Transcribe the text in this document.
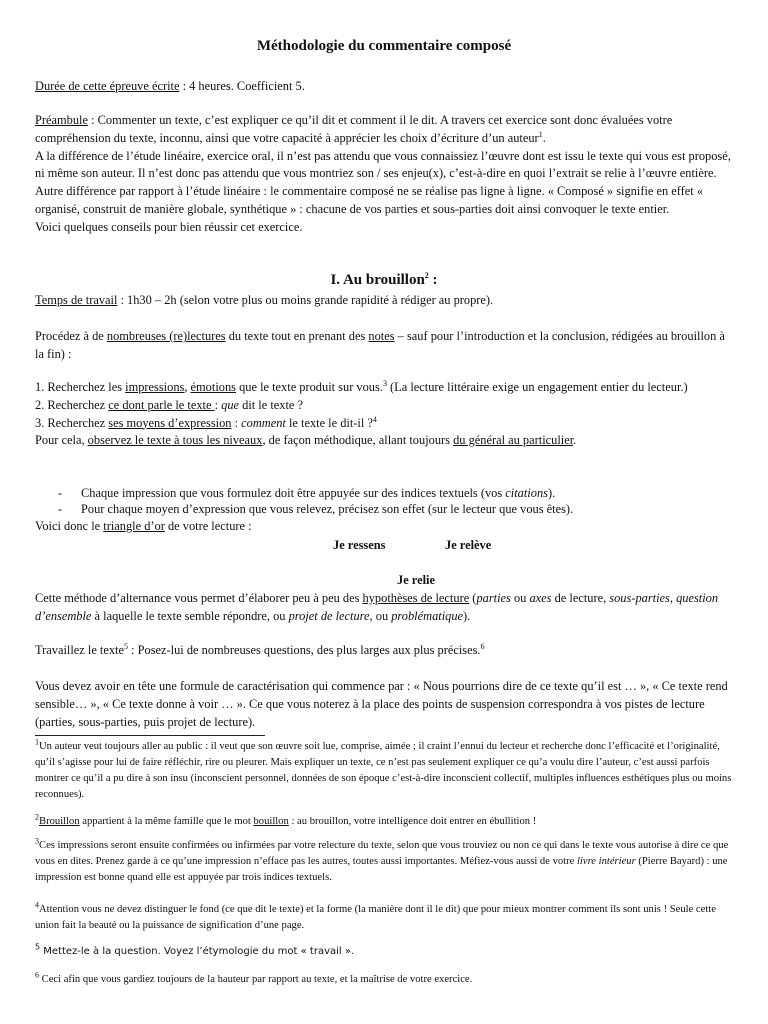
Méthodologie du commentaire composé
Durée de cette épreuve écrite : 4 heures. Coefficient 5.
Préambule : Commenter un texte, c’est expliquer ce qu’il dit et comment il le dit. A travers cet exercice sont donc évaluées votre compréhension du texte, inconnu, ainsi que votre capacité à apprécier les choix d’écriture d’un auteur$^1$.
A la différence de l’étude linéaire, exercice oral, il n’est pas attendu que vous connaissiez l’œuvre dont est issu le texte qui vous est proposé, ni même son auteur. Il n’est donc pas attendu que vous montriez son / ses enjeu(x), c’est-à-dire en quoi l’extrait se relie à l’œuvre entière. Autre différence par rapport à l’étude linéaire : le commentaire composé ne se réalise pas ligne à ligne. « Composé » signifie en effet « organisé, construit de manière globale, synthétique » : chacune de vos parties et sous-parties doit ainsi convoquer le texte entier.
Voici quelques conseils pour bien réussir cet exercice.
I. Au brouillon$^2$ :
Temps de travail : 1h30 – 2h (selon votre plus ou moins grande rapidité à rédiger au propre).
Procédez à de nombreuses (re)lectures du texte tout en prenant des notes – sauf pour l’introduction et la conclusion, rédigées au brouillon à la fin) :
1. Recherchez les impressions, émotions que le texte produit sur vous.$^3$ (La lecture littéraire exige un engagement entier du lecteur.)
2. Recherchez ce dont parle le texte : que dit le texte ?
3. Recherchez ses moyens d’expression : comment le texte le dit-il ?$^4$
Pour cela, observez le texte à tous les niveaux, de façon méthodique, allant toujours du général au particulier.
- Chaque impression que vous formulez doit être appuyée sur des indices textuels (vos citations).
- Pour chaque moyen d’expression que vous relevez, précisez son effet (sur le lecteur que vous êtes).
Voici donc le triangle d’or de votre lecture :
Je ressens	Je relève
Je relie
Cette méthode d’alternance vous permet d’élaborer peu à peu des hypothèses de lecture (parties ou axes de lecture, sous-parties, question d’ensemble à laquelle le texte semble répondre, ou projet de lecture, ou problématique).
Travaillez le texte$^5$ : Posez-lui de nombreuses questions, des plus larges aux plus précises.$^6$
Vous devez avoir en tête une formule de caractérisation qui commence par : « Nous pourrions dire de ce texte qu’il est … », « Ce texte rend sensible… », « Ce texte donne à voir … ». Ce que vous noterez à la place des points de suspension correspondra à vos pistes de lecture (parties, sous-parties, puis projet de lecture).
$^1$Un auteur veut toujours aller au public : il veut que son œuvre soit lue, comprise, aimée ; il craint l’ennui du lecteur et recherche donc l’efficacité et l’originalité, qu’il s’agisse pour lui de faire réfléchir, rire ou pleurer. Mais expliquer un texte, ce n’est pas seulement expliquer ce qu’a voulu dire l’auteur, c’est aussi parfois montrer ce qu’il a pu dire à son insu (inconscient personnel, données de son époque c’est-à-dire inconscient collectif, multiples influences esthétiques plus ou moins reconnues).
$^2$Brouillon appartient à la même famille que le mot bouillon : au brouillon, votre intelligence doit entrer en ébullition !
$^3$Ces impressions seront ensuite confirmées ou infirmées par votre relecture du texte, selon que vous trouviez ou non ce qui dans le texte vous autorise à dire ce que vous en dites. Prenez garde à ce qu’une impression n’efface pas les autres, toutes aussi importantes. Méfiez-vous aussi de votre livre intérieur (Pierre Bayard) : une impression est bonne quand elle est appuyée par trois indices textuels.
$^4$Attention vous ne devez distinguer le fond (ce que dit le texte) et la forme (la manière dont il le dit) que pour mieux montrer comment ils sont unis ! Seule cette union fait la beauté ou la puissance de signification d’une page.
$^5$ Mettez-le à la question. Voyez l’étymologie du mot « travail ».
$^6$ Ceci afin que vous gardiez toujours de la hauteur par rapport au texte, et la maîtrise de votre exercice.
